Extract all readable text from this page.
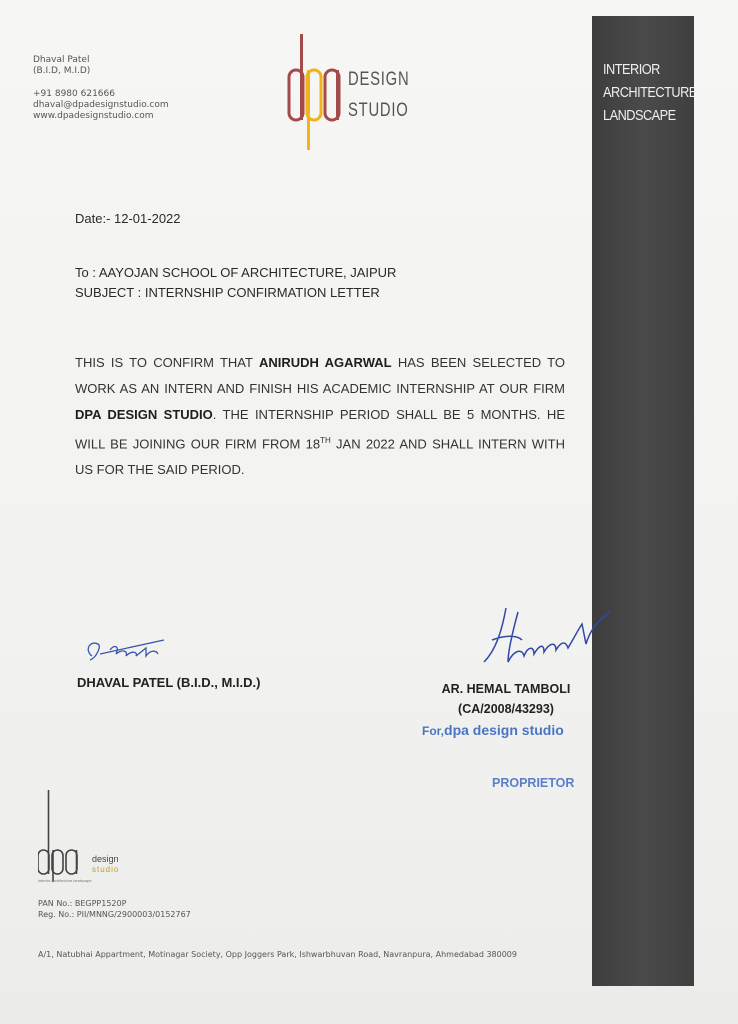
INTERIOR
ARCHITECTURE
LANDSCAPE
Dhaval Patel
(B.I.D, M.I.D)
+91 8980 621666
dhaval@dpadesignstudio.com
www.dpadesignstudio.com
DESIGN
STUDIO
Date:- 12-01-2022
To : AAYOJAN SCHOOL OF ARCHITECTURE, JAIPUR
SUBJECT : INTERNSHIP CONFIRMATION LETTER
THIS IS TO CONFIRM THAT ANIRUDH AGARWAL HAS BEEN SELECTED TO WORK AS AN INTERN AND FINISH HIS ACADEMIC INTERNSHIP AT OUR FIRM DPA DESIGN STUDIO. THE INTERNSHIP PERIOD SHALL BE 5 MONTHS. HE WILL BE JOINING OUR FIRM FROM 18TH JAN 2022 AND SHALL INTERN WITH US FOR THE SAID PERIOD.
DHAVAL PATEL (B.I.D., M.I.D.)	AR. HEMAL TAMBOLI
(CA/2008/43293)
For,dpa design studio
PROPRIETOR
design
studio
interior architecture landscape
PAN No.: BEGPP1520P
Reg. No.: PII/MNNG/2900003/0152767
A/1, Natubhai Appartment, Motinagar Society, Opp Joggers Park, Ishwarbhuvan Road, Navranpura, Ahmedabad 380009
